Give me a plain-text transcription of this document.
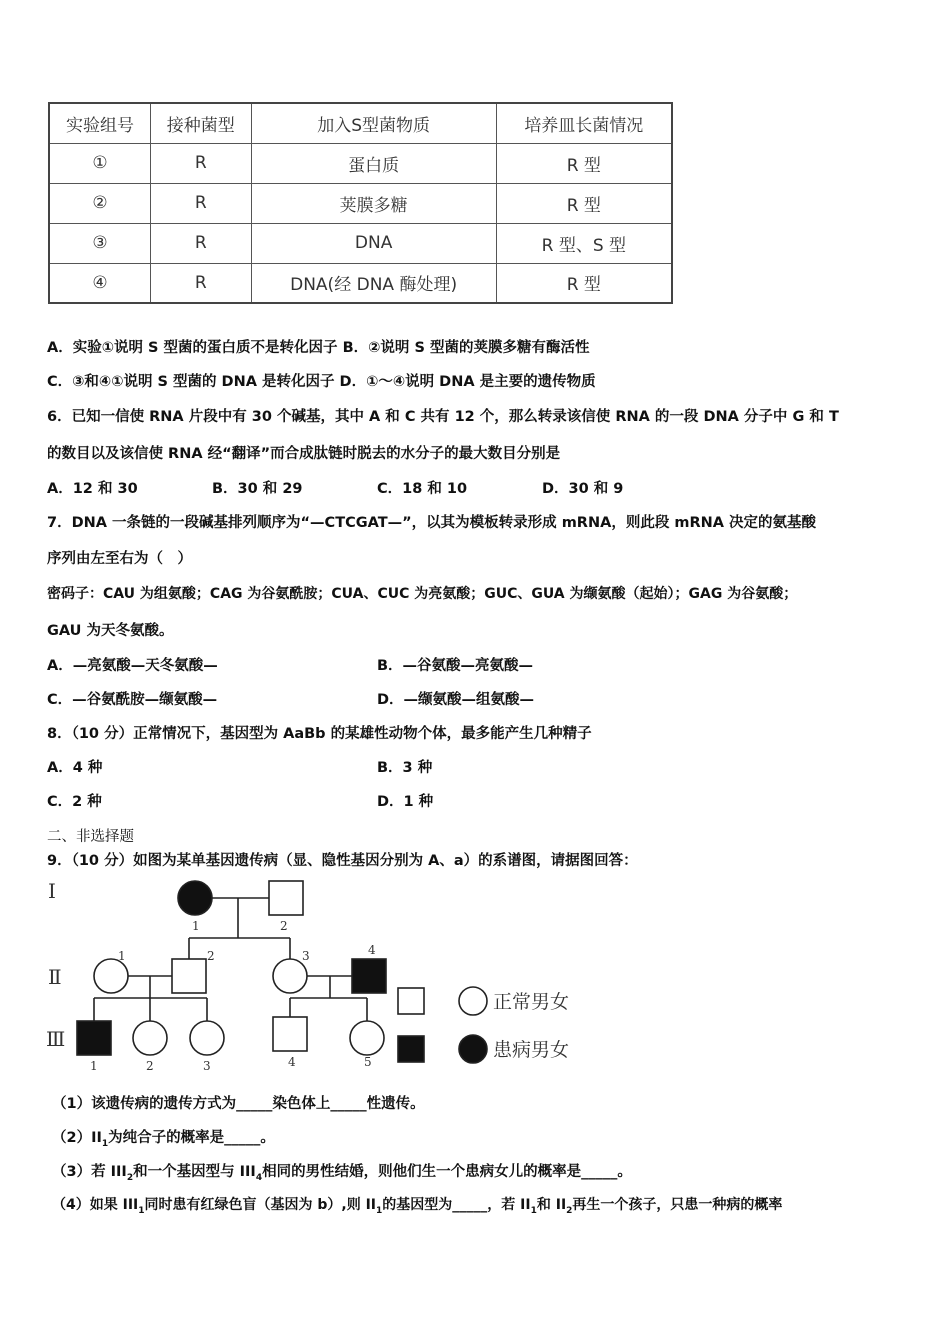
实验组号	接种菌型	加入S型菌物质	培养皿长菌情况
①	R	蛋白质	R 型
②	R	荚膜多糖	R 型
③	R	DNA	R 型、S 型
④	R	DNA(经 DNA 酶处理)	R 型
A．实验①说明 S 型菌的蛋白质不是转化因子 B．②说明 S 型菌的荚膜多糖有酶活性
C．③和④①说明 S 型菌的 DNA 是转化因子 D．①～④说明 DNA 是主要的遗传物质
6．已知一信使 RNA 片段中有 30 个碱基，其中 A 和 C 共有 12 个，那么转录该信使 RNA 的一段 DNA 分子中 G 和 T
的数目以及该信使 RNA 经“翻译”而合成肽链时脱去的水分子的最大数目分别是
A．12 和 30	B．30 和 29	C．18 和 10	D．30 和 9
7．DNA 一条链的一段碱基排列顺序为“—CTCGAT—”，以其为模板转录形成 mRNA，则此段 mRNA 决定的氨基酸
序列由左至右为（　）
密码子：CAU 为组氨酸；CAG 为谷氨酰胺；CUA、CUC 为亮氨酸；GUC、GUA 为缬氨酸（起始）；GAG 为谷氨酸；
GAU 为天冬氨酸。
A．—亮氨酸—天冬氨酸—	B．—谷氨酸—亮氨酸—
C．—谷氨酰胺—缬氨酸—	D．—缬氨酸—组氨酸—
8．（10 分）正常情况下，基因型为 AaBb 的某雄性动物个体，最多能产生几种精子
A．4 种	B．3 种
C．2 种	D．1 种
二、非选择题
9．（10 分）如图为某单基因遗传病（显、隐性基因分别为 A、a）的系谱图，请据图回答：
Ⅰ
Ⅱ
Ⅲ
1	2
1	2	3	4
1	2	3	4	5
正常男女
患病男女
（1）该遗传病的遗传方式为_____染色体上_____性遗传。
$(2)II_1$为纯合子的概率是_____。
（3）若 $III_2$和一个基因型与 $III_4$相同的男性结婚，则他们生一个患病女儿的概率是_____。
（4）如果 $III_1$同时患有红绿色盲（基因为 b）,则 $II_1$的基因型为_____，若 $II_1$和 $II_2$再生一个孩子，只患一种病的概率
